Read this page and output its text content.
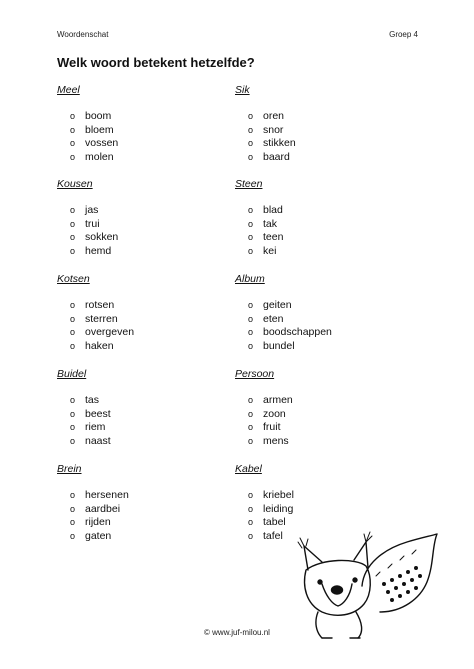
Woordenschat	Groep 4
Welk woord betekent hetzelfde?
Meel
o boom
o bloem
o vossen
o molen
Kousen
o jas
o trui
o sokken
o hemd
Kotsen
o rotsen
o sterren
o overgeven
o haken
Buidel
o tas
o beest
o riem
o naast
Brein
o hersenen
o aardbei
o rijden
o gaten
Sik
o oren
o snor
o stikken
o baard
Steen
o blad
o tak
o teen
o kei
Album
o geiten
o eten
o boodschappen
o bundel
Persoon
o armen
o zoon
o fruit
o mens
Kabel
o kriebel
o leiding
o tabel
o tafel
© www.juf-milou.nl
